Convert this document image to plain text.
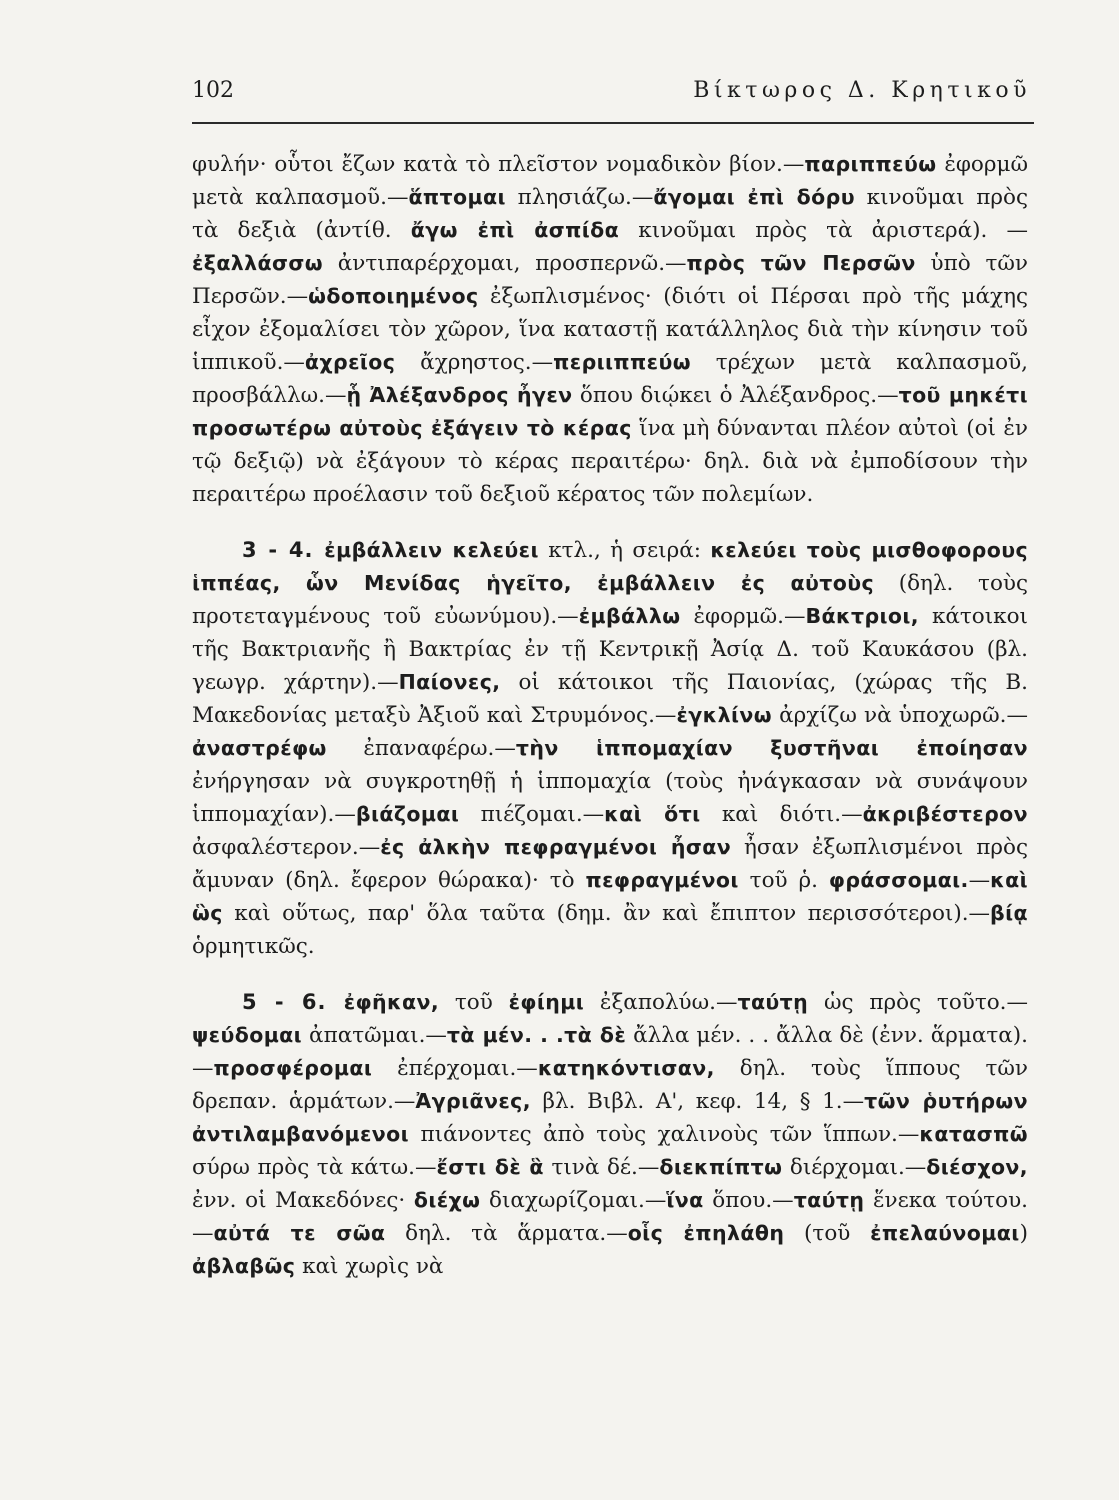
102	Βίκτωρος Δ. Κρητικοῦ

φυλήν· οὗτοι ἔζων κατὰ τὸ πλεῖστον νομαδικὸν βίον.—παριππεύω ἐφορμῶ μετὰ καλπασμοῦ.—ἅπτομαι πλησιάζω.—ἄγομαι ἐπὶ δόρυ κινοῦμαι πρὸς τὰ δεξιὰ (ἀντίθ. ἄγω ἐπὶ ἀσπίδα κινοῦμαι πρὸς τὰ ἀριστερά). —ἐξαλλάσσω ἀντιπαρέρχομαι, προσπερνῶ.—πρὸς τῶν Περσῶν ὑπὸ τῶν Περσῶν.—ὡδοποιημένος ἐξωπλισμένος· (διότι οἱ Πέρσαι πρὸ τῆς μάχης εἶχον ἐξομαλίσει τὸν χῶρον, ἵνα καταστῇ κατάλληλος διὰ τὴν κίνησιν τοῦ ἱππικοῦ.—ἀχρεῖος ἄχρηστος.—περιιππεύω τρέχων μετὰ καλπασμοῦ, προσβάλλω.—ᾗ Ἀλέξανδρος ἦγεν ὅπου διῴκει ὁ Ἀλέξανδρος.—τοῦ μηκέτι προσωτέρω αὐτοὺς ἐξάγειν τὸ κέρας ἵνα μὴ δύνανται πλέον αὐτοὶ (οἱ ἐν τῷ δεξιῷ) νὰ ἐξάγουν τὸ κέρας περαιτέρω· δηλ. διὰ νὰ ἐμποδίσουν τὴν περαιτέρω προέλασιν τοῦ δεξιοῦ κέρατος τῶν πολεμίων.

3 - 4. ἐμβάλλειν κελεύει κτλ., ἡ σειρά: κελεύει τοὺς μισθοφορους ἱππέας, ὧν Μενίδας ἡγεῖτο, ἐμβάλλειν ἐς αὐτοὺς (δηλ. τοὺς προτεταγμένους τοῦ εὐωνύμου).—ἐμβάλλω ἐφορμῶ.—Βάκτριοι, κάτοικοι τῆς Βακτριανῆς ἢ Βακτρίας ἐν τῇ Κεντρικῇ Ἀσίᾳ Δ. τοῦ Καυκάσου (βλ. γεωγρ. χάρτην).—Παίονες, οἱ κάτοικοι τῆς Παιονίας, (χώρας τῆς Β. Μακεδονίας μεταξὺ Ἀξιοῦ καὶ Στρυμόνος.—ἐγκλίνω ἀρχίζω νὰ ὑποχωρῶ.—ἀναστρέφω ἐπαναφέρω.—τὴν ἱππομαχίαν ξυστῆναι ἐποίησαν ἐνήργησαν νὰ συγκροτηθῇ ἡ ἱππομαχία (τοὺς ἠνάγκασαν νὰ συνάψουν ἱππομαχίαν).—βιάζομαι πιέζομαι.—καὶ ὅτι καὶ διότι.—ἀκριβέστερον ἀσφαλέστερον.—ἐς ἀλκὴν πεφραγμένοι ἦσαν ἦσαν ἐξωπλισμένοι πρὸς ἄμυναν (δηλ. ἔφερον θώρακα)· τὸ πεφραγμένοι τοῦ ῥ. φράσσομαι.—καὶ ὣς καὶ οὕτως, παρ' ὅλα ταῦτα (δημ. ἂν καὶ ἔπιπτον περισσότεροι).—βίᾳ ὁρμητικῶς.

5 - 6. ἐφῆκαν, τοῦ ἐφίημι ἐξαπολύω.—ταύτῃ ὡς πρὸς τοῦτο.—ψεύδομαι ἀπατῶμαι.—τὰ μέν. . .τὰ δὲ ἄλλα μέν. . . ἄλλα δὲ (ἐνν. ἅρματα).—προσφέρομαι ἐπέρχομαι.—κατηκόντισαν, δηλ. τοὺς ἵππους τῶν δρεπαν. ἁρμάτων.—Ἀγριᾶνες, βλ. Βιβλ. Α', κεφ. 14, § 1.—τῶν ῥυτήρων ἀντιλαμβανόμενοι πιάνοντες ἀπὸ τοὺς χαλινοὺς τῶν ἵππων.—κατασπῶ σύρω πρὸς τὰ κάτω.—ἔστι δὲ ἃ τινὰ δέ.—διεκπίπτω διέρχομαι.—διέσχον, ἐνν. οἱ Μακεδόνες· διέχω διαχωρίζομαι.—ἵνα ὅπου.—ταύτῃ ἕνεκα τούτου.—αὐτά τε σῶα δηλ. τὰ ἅρματα.—οἷς ἐπηλάθη (τοῦ ἐπελαύνομαι) ἀβλαβῶς καὶ χωρὶς νὰ
